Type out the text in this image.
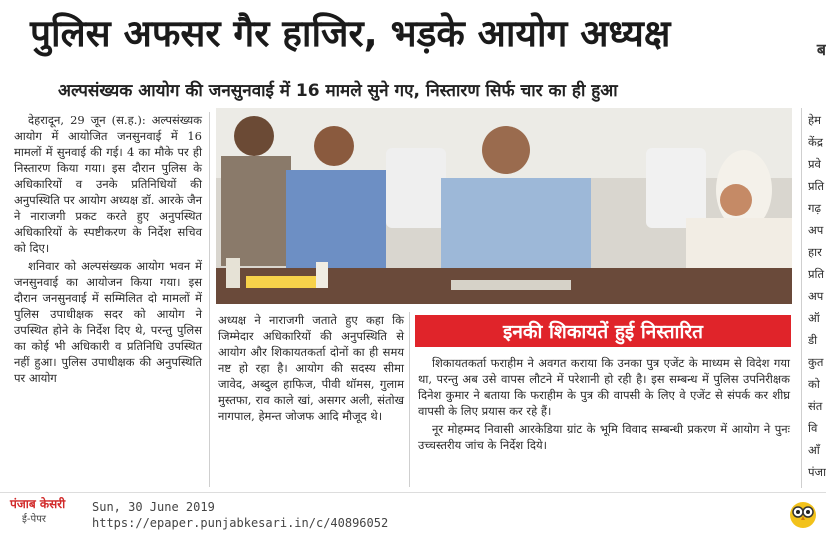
पुलिस अफसर गैर हाजिर, भड़के आयोग अध्यक्ष	ब
अल्पसंख्यक आयोग की जनसुनवाई में 16 मामले सुने गए, निस्तारण सिर्फ चार का ही हुआ

देहरादून, 29 जून (स.ह.): अल्पसंख्यक आयोग में आयोजित जनसुनवाई में 16 मामलों में सुनवाई की गई। 4 का मौके पर ही निस्तारण किया गया। इस दौरान पुलिस के अधिकारियों व उनके प्रतिनिधियों की अनुपस्थिति पर आयोग अध्यक्ष डॉ. आरके जैन ने नाराजगी प्रकट करते हुए अनुपस्थित अधिकारियों के स्पष्टीकरण के निर्देश सचिव को दिए।

शनिवार को अल्पसंख्यक आयोग भवन में जनसुनवाई का आयोजन किया गया। इस दौरान जनसुनवाई में सम्मिलित दो मामलों में पुलिस उपाधीक्षक सदर को आयोग ने उपस्थित होने के निर्देश दिए थे, परन्तु पुलिस का कोई भी अधिकारी व प्रतिनिधि उपस्थित नहीं हुआ। पुलिस उपाधीक्षक की अनुपस्थिति पर आयोग

अध्यक्ष ने नाराजगी जताते हुए कहा कि जिम्मेदार अधिकारियों की अनुपस्थिति से आयोग और शिकायतकर्ता दोनों का ही समय नष्ट हो रहा है। आयोग की सदस्य सीमा जावेद, अब्दुल हाफिज, पीवी थॉमस, गुलाम मुस्तफा, राव काले खां, असगर अली, संतोख नागपाल, हेमन्त जोजफ आदि मौजूद थे।

इनकी शिकायतें हुई निस्तारित

शिकायतकर्ता फराहीम ने अवगत कराया कि उनका पुत्र एजेंट के माध्यम से विदेश गया था, परन्तु अब उसे वापस लौटने में परेशानी हो रही है। इस सम्बन्ध में पुलिस उपनिरीक्षक दिनेश कुमार ने बताया कि फराहीम के पुत्र की वापसी के लिए वे एजेंट से संपर्क कर शीघ्र वापसी के लिए प्रयास कर रहे हैं।

नूर मोहम्मद निवासी आरकेडिया ग्रांट के भूमि विवाद सम्बन्धी प्रकरण में आयोग ने पुनः उच्चस्तरीय जांच के निर्देश दिये।

हेम
केंद्र
प्रवे
प्रति
गढ़
अप
हार
प्रति
अप
ऑ
डी
कुत
को
संत
वि
आँ
पंजा
पंजाब केसरी
ई-पेपर
Sun, 30 June 2019
https://epaper.punjabkesari.in/c/40896052
